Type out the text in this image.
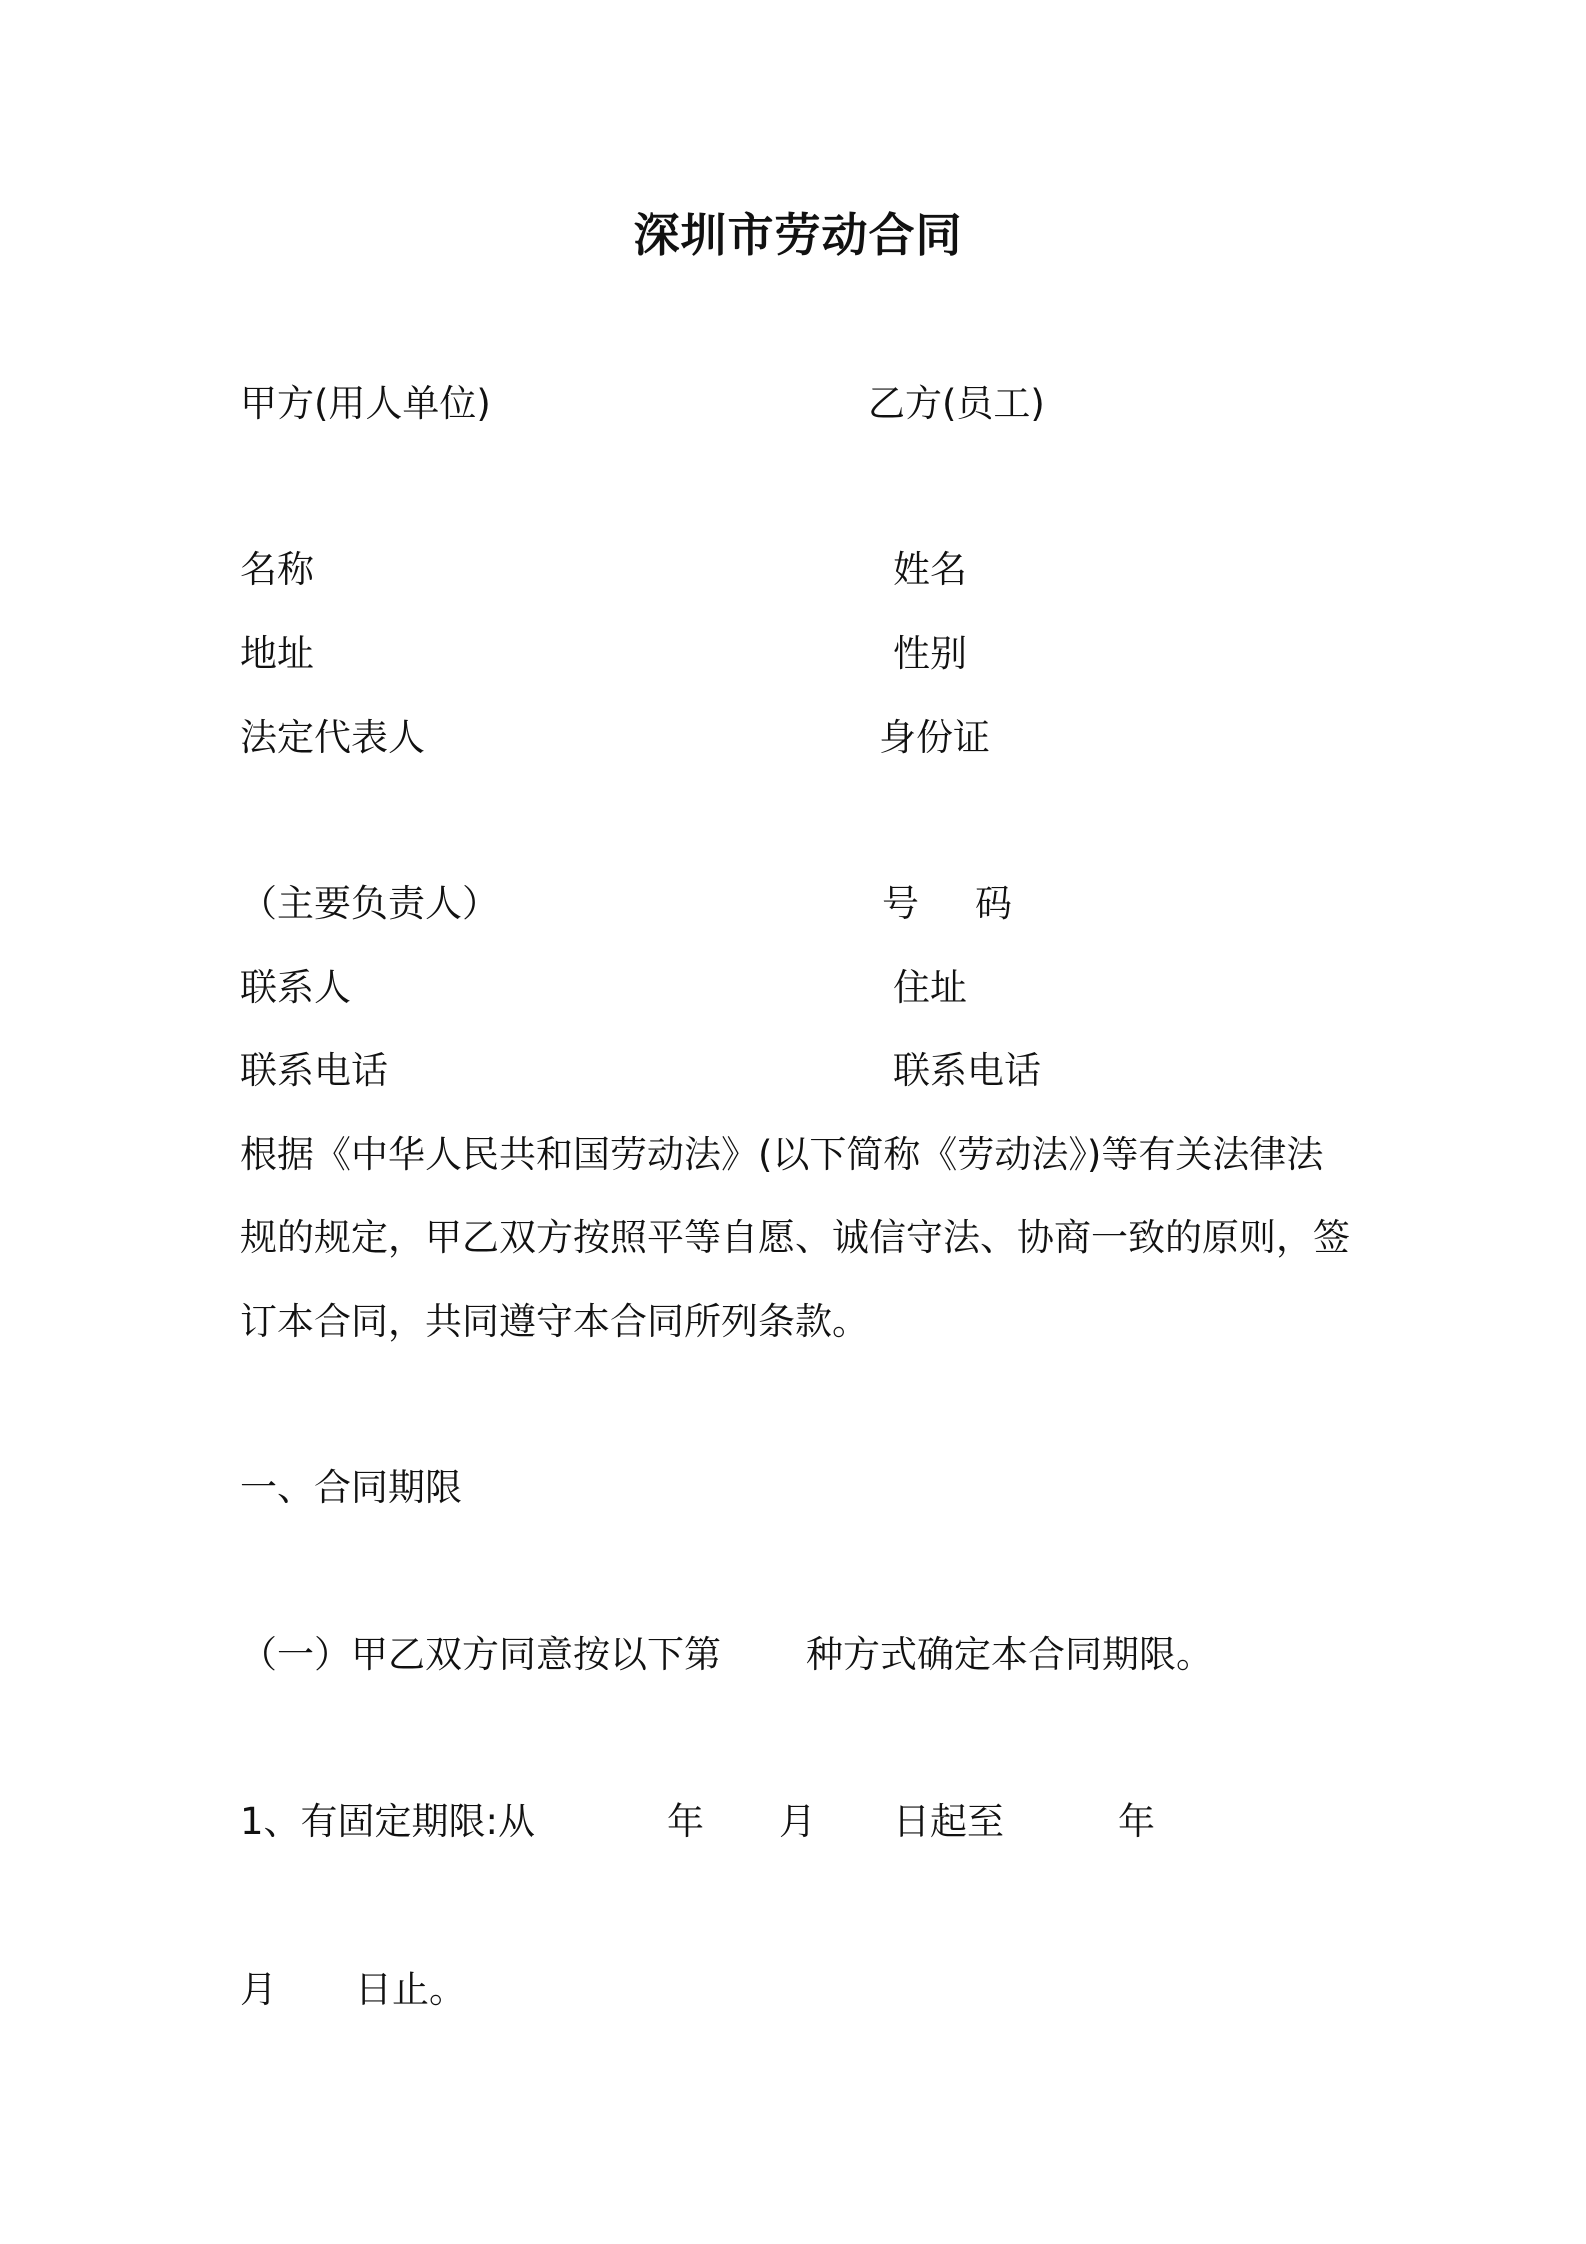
深圳市劳动合同
甲方(用人单位)	乙方(员工)
名称	姓名
地址	性别
法定代表人	身份证
（主要负责人）	号 码
联系人	住址
联系电话	联系电话
根据《中华人民共和国劳动法》(以下简称《劳动法》)等有关法律法
规的规定，甲乙双方按照平等自愿、诚信守法、协商一致的原则，签
订本合同，共同遵守本合同所列条款。
一、合同期限
（一）甲乙双方同意按以下第 种方式确定本合同期限。
1、有固定期限:从	年 月 日起至	年
月 日止。
